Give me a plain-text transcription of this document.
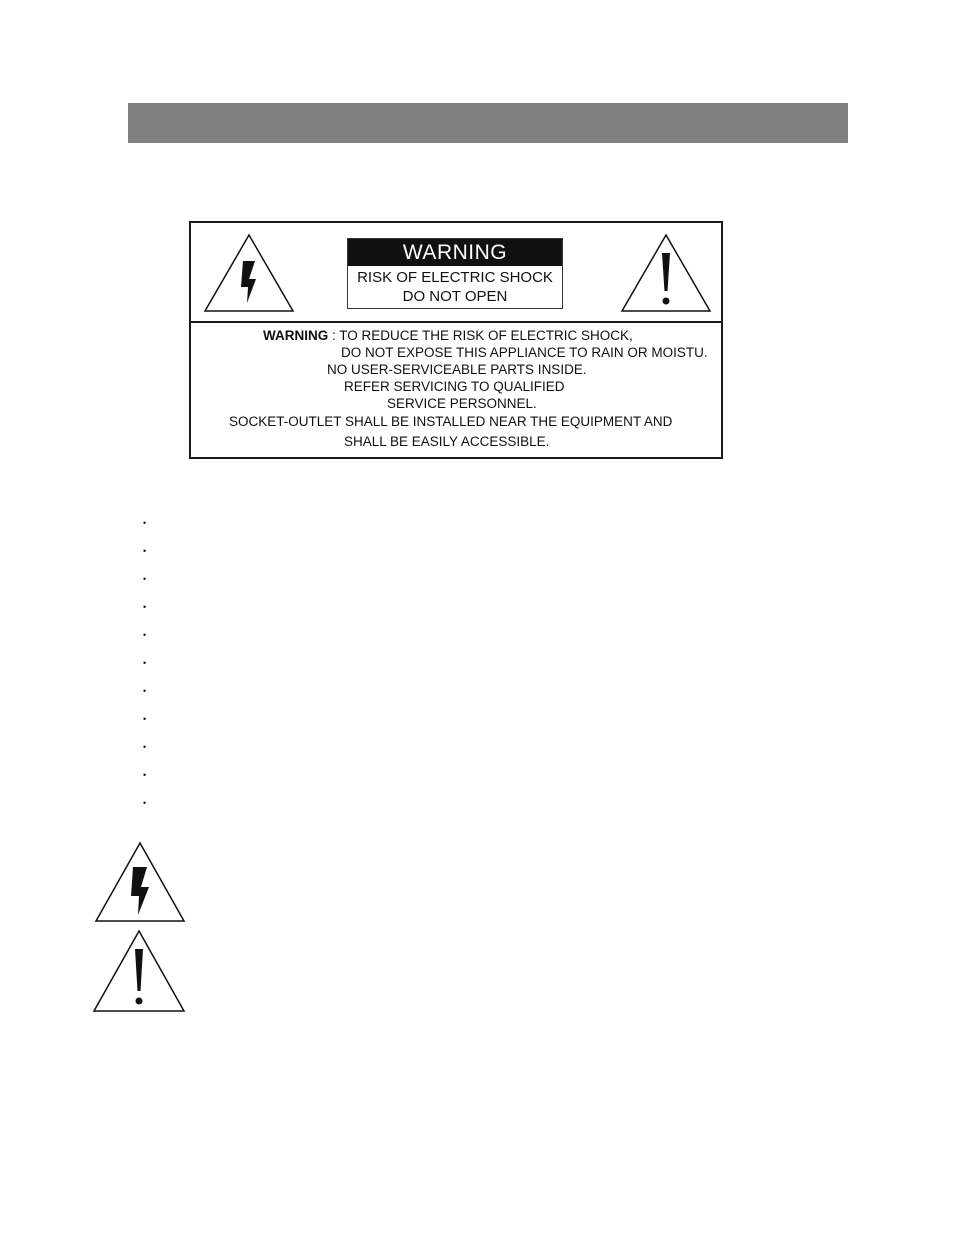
WARNING
RISK OF ELECTRIC SHOCK
DO NOT OPEN
WARNING : TO REDUCE THE RISK OF ELECTRIC SHOCK,
DO NOT EXPOSE THIS APPLIANCE TO RAIN OR MOISTU.
NO USER-SERVICEABLE PARTS INSIDE.
REFER SERVICING TO QUALIFIED
SERVICE PERSONNEL.
SOCKET-OUTLET SHALL BE INSTALLED NEAR THE EQUIPMENT AND
SHALL BE EASILY ACCESSIBLE.
•
•
•
•
•
•
•
•
•
•
•
